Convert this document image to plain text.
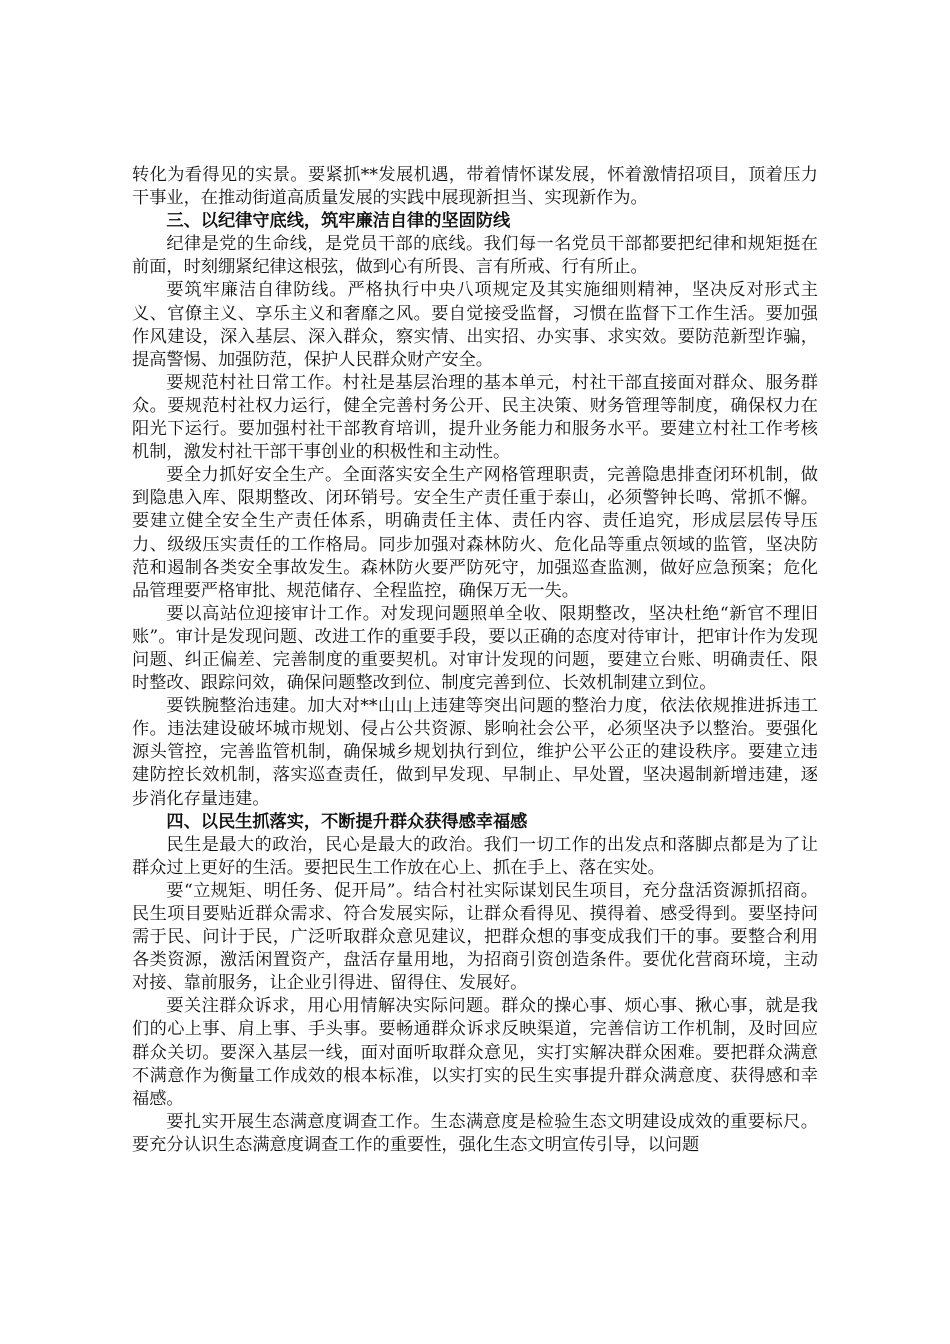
转化为看得见的实景。要紧抓**发展机遇，带着情怀谋发展，怀着激情招项目，顶着压力干事业，在推动街道高质量发展的实践中展现新担当、实现新作为。

三、以纪律守底线，筑牢廉洁自律的坚固防线

纪律是党的生命线，是党员干部的底线。我们每一名党员干部都要把纪律和规矩挺在前面，时刻绷紧纪律这根弦，做到心有所畏、言有所戒、行有所止。

要筑牢廉洁自律防线。严格执行中央八项规定及其实施细则精神，坚决反对形式主义、官僚主义、享乐主义和奢靡之风。要自觉接受监督，习惯在监督下工作生活。要加强作风建设，深入基层、深入群众，察实情、出实招、办实事、求实效。要防范新型诈骗，提高警惕、加强防范，保护人民群众财产安全。

要规范村社日常工作。村社是基层治理的基本单元，村社干部直接面对群众、服务群众。要规范村社权力运行，健全完善村务公开、民主决策、财务管理等制度，确保权力在阳光下运行。要加强村社干部教育培训，提升业务能力和服务水平。要建立村社工作考核机制，激发村社干部干事创业的积极性和主动性。

要全力抓好安全生产。全面落实安全生产网格管理职责，完善隐患排查闭环机制，做到隐患入库、限期整改、闭环销号。安全生产责任重于泰山，必须警钟长鸣、常抓不懈。要建立健全安全生产责任体系，明确责任主体、责任内容、责任追究，形成层层传导压力、级级压实责任的工作格局。同步加强对森林防火、危化品等重点领域的监管，坚决防范和遏制各类安全事故发生。森林防火要严防死守，加强巡查监测，做好应急预案；危化品管理要严格审批、规范储存、全程监控，确保万无一失。

要以高站位迎接审计工作。对发现问题照单全收、限期整改，坚决杜绝“新官不理旧账”。审计是发现问题、改进工作的重要手段，要以正确的态度对待审计，把审计作为发现问题、纠正偏差、完善制度的重要契机。对审计发现的问题，要建立台账、明确责任、限时整改、跟踪问效，确保问题整改到位、制度完善到位、长效机制建立到位。

要铁腕整治违建。加大对**山山上违建等突出问题的整治力度，依法依规推进拆违工作。违法建设破坏城市规划、侵占公共资源、影响社会公平，必须坚决予以整治。要强化源头管控，完善监管机制，确保城乡规划执行到位，维护公平公正的建设秩序。要建立违建防控长效机制，落实巡查责任，做到早发现、早制止、早处置，坚决遏制新增违建，逐步消化存量违建。

四、以民生抓落实，不断提升群众获得感幸福感

民生是最大的政治，民心是最大的政治。我们一切工作的出发点和落脚点都是为了让群众过上更好的生活。要把民生工作放在心上、抓在手上、落在实处。

要“立规矩、明任务、促开局”。结合村社实际谋划民生项目，充分盘活资源抓招商。民生项目要贴近群众需求、符合发展实际，让群众看得见、摸得着、感受得到。要坚持问需于民、问计于民，广泛听取群众意见建议，把群众想的事变成我们干的事。要整合利用各类资源，激活闲置资产，盘活存量用地，为招商引资创造条件。要优化营商环境，主动对接、靠前服务，让企业引得进、留得住、发展好。

要关注群众诉求，用心用情解决实际问题。群众的操心事、烦心事、揪心事，就是我们的心上事、肩上事、手头事。要畅通群众诉求反映渠道，完善信访工作机制，及时回应群众关切。要深入基层一线，面对面听取群众意见，实打实解决群众困难。要把群众满意不满意作为衡量工作成效的根本标准，以实打实的民生实事提升群众满意度、获得感和幸福感。

要扎实开展生态满意度调查工作。生态满意度是检验生态文明建设成效的重要标尺。要充分认识生态满意度调查工作的重要性，强化生态文明宣传引导，以问题
